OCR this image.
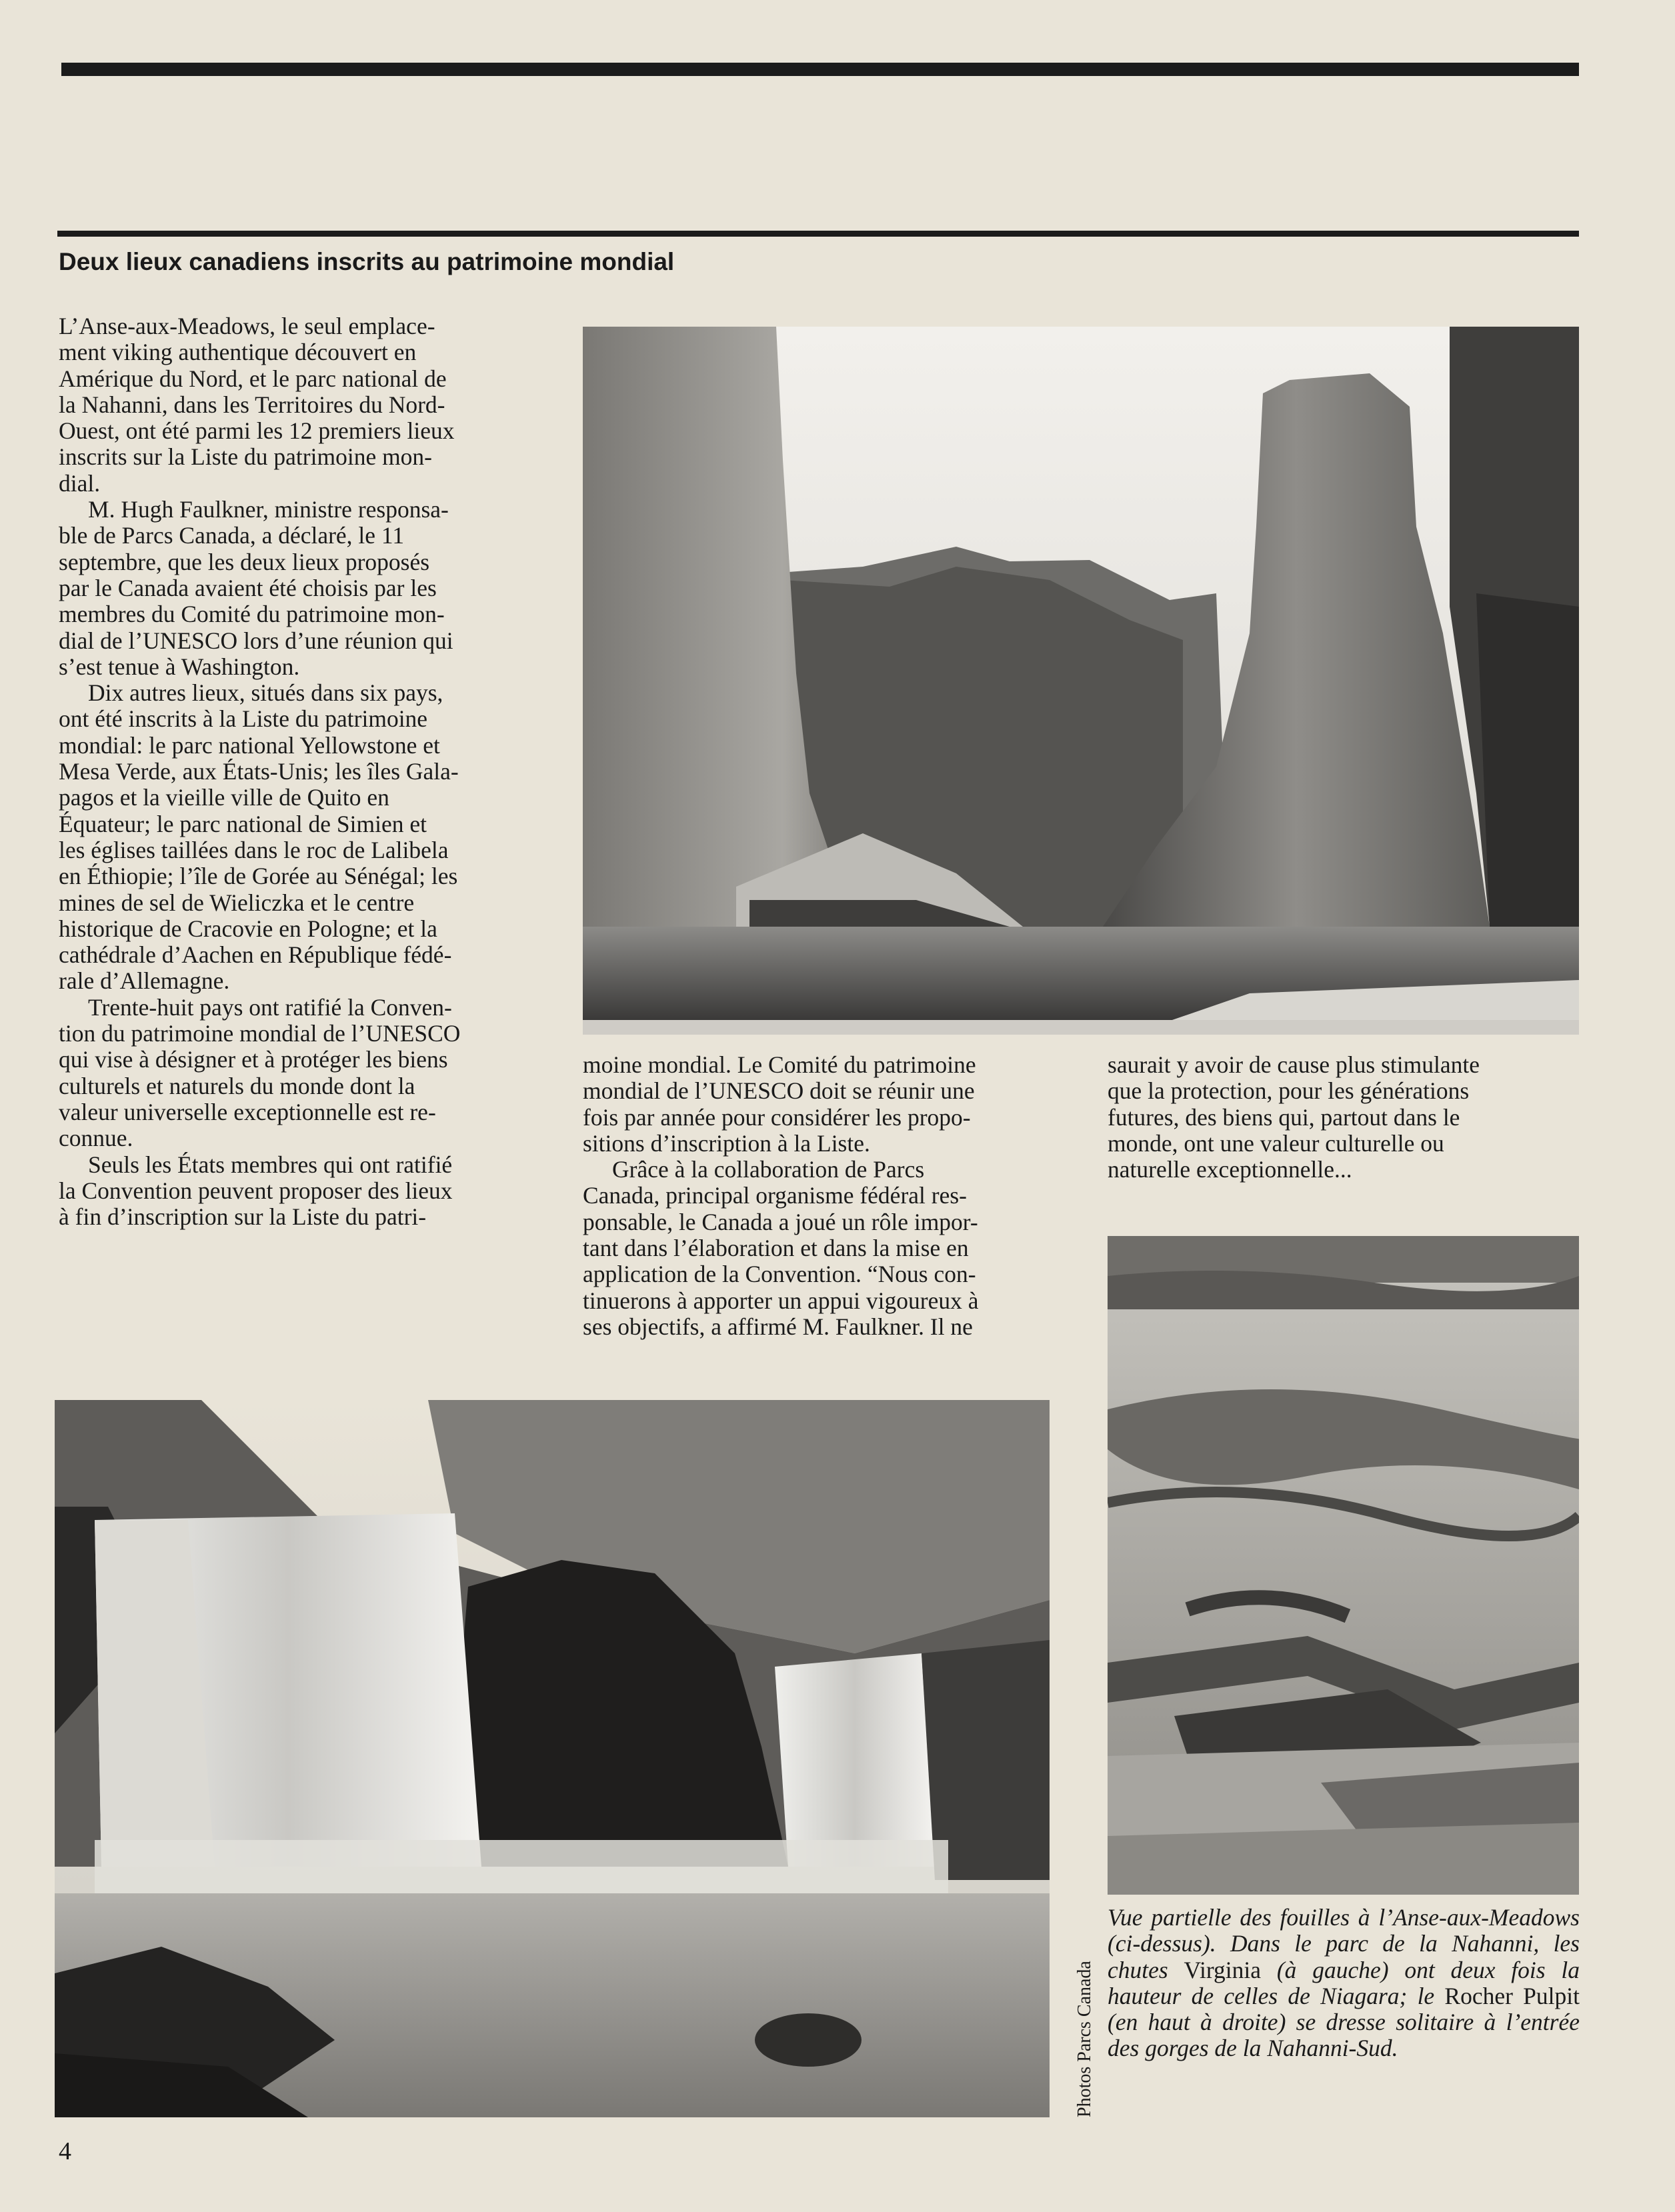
Deux lieux canadiens inscrits au patrimoine mondial

L’Anse-aux-Meadows, le seul emplace-
ment viking authentique découvert en
Amérique du Nord, et le parc national de
la Nahanni, dans les Territoires du Nord-
Ouest, ont été parmi les 12 premiers lieux
inscrits sur la Liste du patrimoine mon-
dial.

M. Hugh Faulkner, ministre responsa-
ble de Parcs Canada, a déclaré, le 11
septembre, que les deux lieux proposés
par le Canada avaient été choisis par les
membres du Comité du patrimoine mon-
dial de l’UNESCO lors d’une réunion qui
s’est tenue à Washington.

Dix autres lieux, situés dans six pays,
ont été inscrits à la Liste du patrimoine
mondial: le parc national Yellowstone et
Mesa Verde, aux États-Unis; les îles Gala-
pagos et la vieille ville de Quito en
Équateur; le parc national de Simien et
les églises taillées dans le roc de Lalibela
en Éthiopie; l’île de Gorée au Sénégal; les
mines de sel de Wieliczka et le centre
historique de Cracovie en Pologne; et la
cathédrale d’Aachen en République fédé-
rale d’Allemagne.

Trente-huit pays ont ratifié la Conven-
tion du patrimoine mondial de l’UNESCO
qui vise à désigner et à protéger les biens
culturels et naturels du monde dont la
valeur universelle exceptionnelle est re-
connue.

Seuls les États membres qui ont ratifié
la Convention peuvent proposer des lieux
à fin d’inscription sur la Liste du patri-

moine mondial. Le Comité du patrimoine
mondial de l’UNESCO doit se réunir une
fois par année pour considérer les propo-
sitions d’inscription à la Liste.

Grâce à la collaboration de Parcs
Canada, principal organisme fédéral res-
ponsable, le Canada a joué un rôle impor-
tant dans l’élaboration et dans la mise en
application de la Convention. “Nous con-
tinuerons à apporter un appui vigoureux à
ses objectifs, a affirmé M. Faulkner. Il ne

saurait y avoir de cause plus stimulante
que la protection, pour les générations
futures, des biens qui, partout dans le
monde, ont une valeur culturelle ou
naturelle exceptionnelle...

Photos Parcs Canada
Vue partielle des fouilles à l’Anse-aux-Meadows (ci-dessus). Dans le parc de la Nahanni, les chutes Virginia (à gauche) ont deux fois la hauteur de celles de Niagara; le Rocher Pulpit (en haut à droite) se dresse solitaire à l’entrée des gorges de la Nahanni-Sud.
4
